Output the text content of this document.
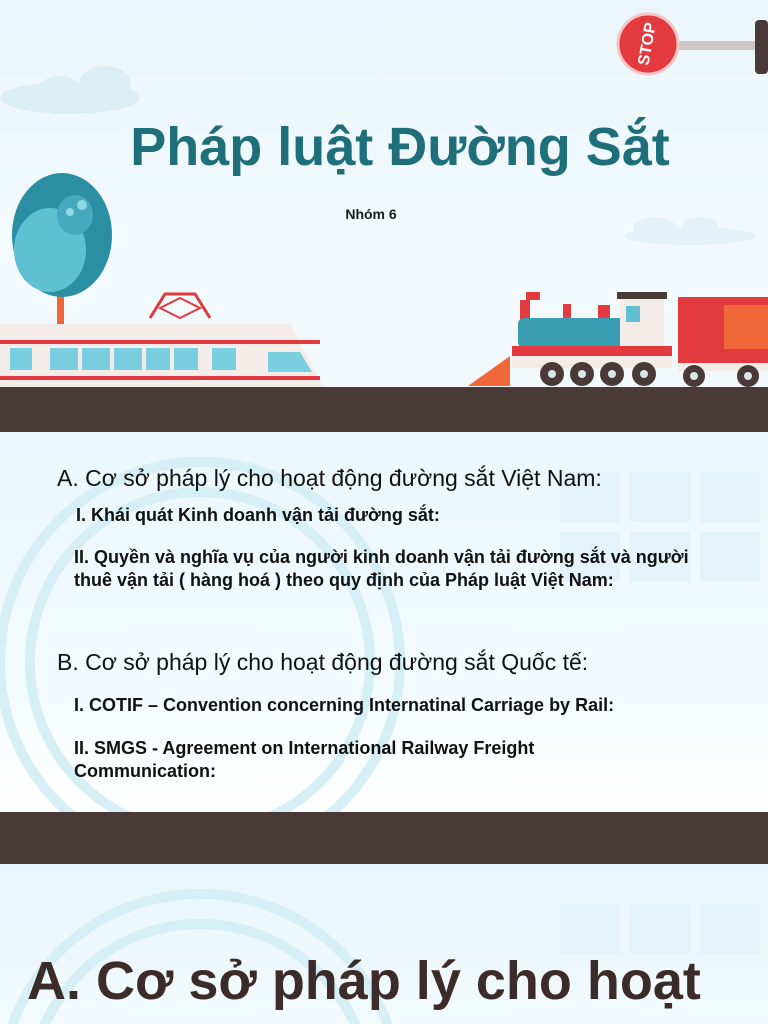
STOP
Pháp luật Đường Sắt
Nhóm 6
A. Cơ sở pháp lý cho hoạt động đường sắt Việt Nam:
I. Khái quát Kinh doanh vận tải đường sắt:
II. Quyền và nghĩa vụ của người kinh doanh vận tải đường sắt và người thuê vận tải ( hàng hoá ) theo quy định của Pháp luật Việt Nam:
B. Cơ sở pháp lý cho hoạt động đường sắt Quốc tế:
I. COTIF – Convention concerning Internatinal Carriage by Rail:
II. SMGS - Agreement on International Railway Freight Communication:
A. Cơ sở pháp lý cho hoạt
